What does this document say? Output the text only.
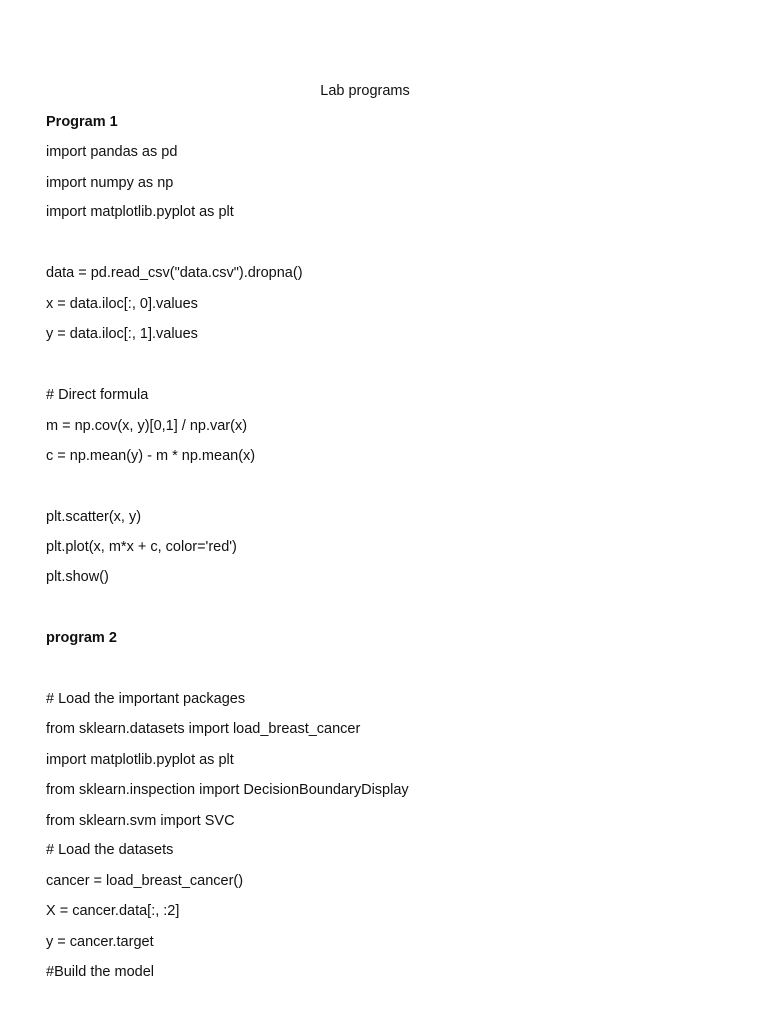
Lab programs
Program 1
import pandas as pd
import numpy as np
import matplotlib.pyplot as plt
data = pd.read_csv("data.csv").dropna()
x = data.iloc[:, 0].values
y = data.iloc[:, 1].values
# Direct formula
m = np.cov(x, y)[0,1] / np.var(x)
c = np.mean(y) - m * np.mean(x)
plt.scatter(x, y)
plt.plot(x, m*x + c, color='red')
plt.show()
program 2
# Load the important packages
from sklearn.datasets import load_breast_cancer
import matplotlib.pyplot as plt
from sklearn.inspection import DecisionBoundaryDisplay
from sklearn.svm import SVC
# Load the datasets
cancer = load_breast_cancer()
X = cancer.data[:, :2]
y = cancer.target
#Build the model
